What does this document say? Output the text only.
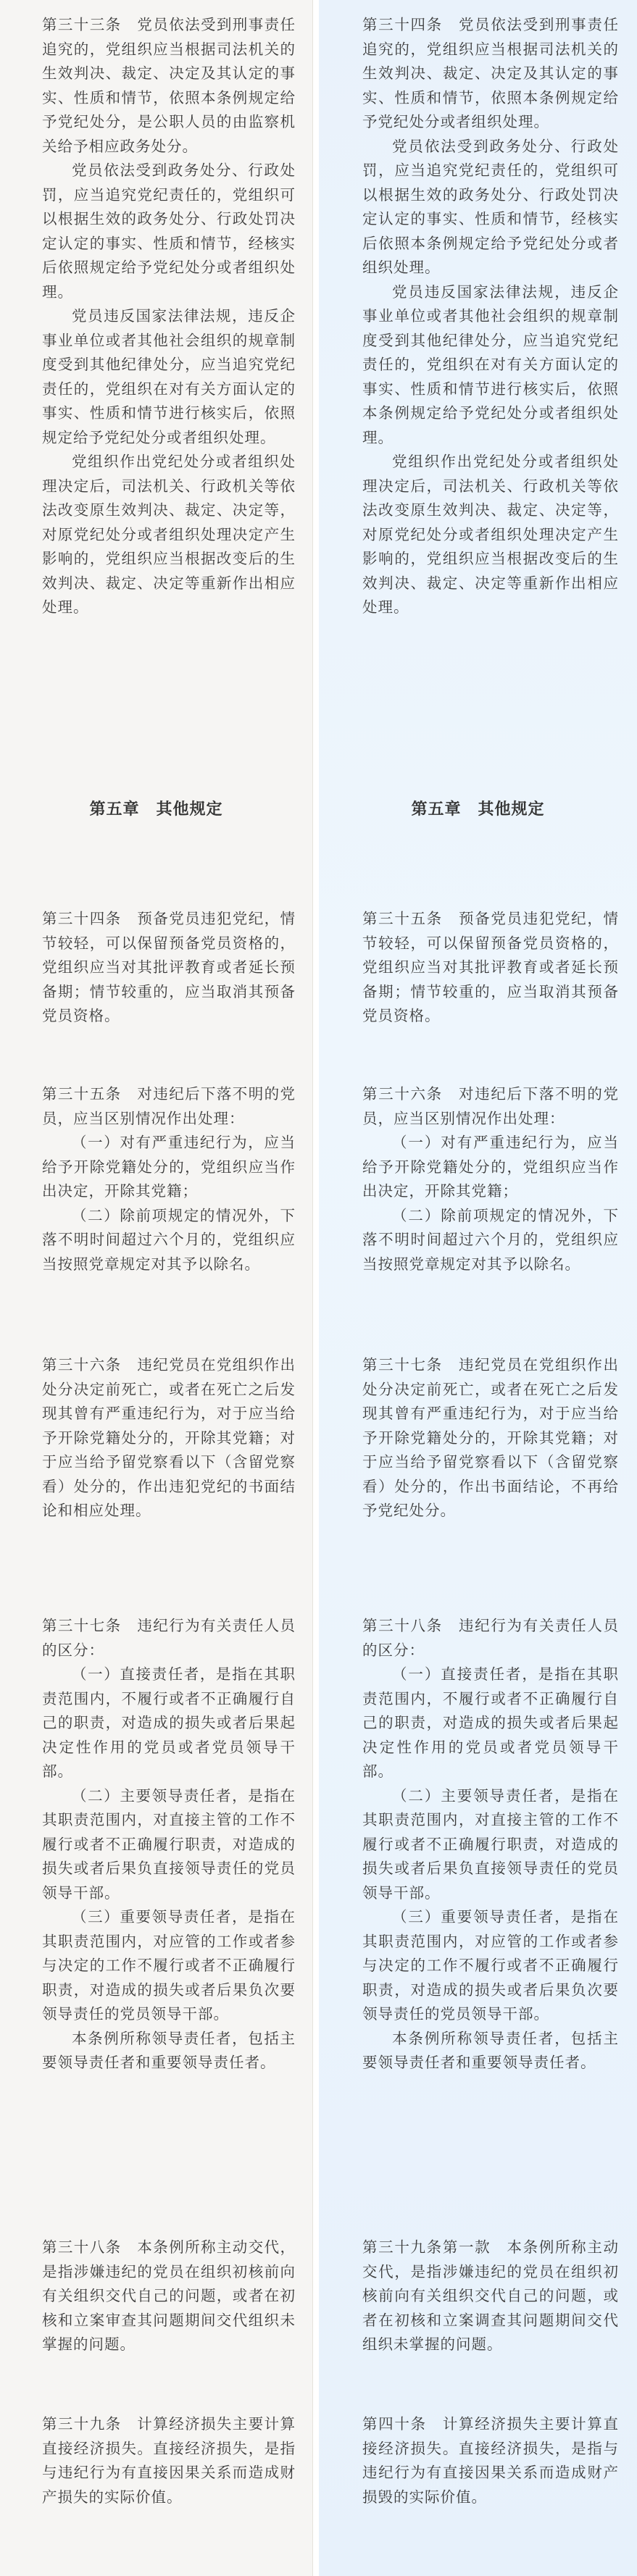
第三十三条　党员依法受到刑事责任追究的，党组织应当根据司法机关的生效判决、裁定、决定及其认定的事实、性质和情节，依照本条例规定给予党纪处分，是公职人员的由监察机关给予相应政务处分。

党员依法受到政务处分、行政处罚，应当追究党纪责任的，党组织可以根据生效的政务处分、行政处罚决定认定的事实、性质和情节，经核实后依照规定给予党纪处分或者组织处理。

党员违反国家法律法规，违反企事业单位或者其他社会组织的规章制度受到其他纪律处分，应当追究党纪责任的，党组织在对有关方面认定的事实、性质和情节进行核实后，依照规定给予党纪处分或者组织处理。

党组织作出党纪处分或者组织处理决定后，司法机关、行政机关等依法改变原生效判决、裁定、决定等，对原党纪处分或者组织处理决定产生影响的，党组织应当根据改变后的生效判决、裁定、决定等重新作出相应处理。

第五章　其他规定

第三十四条　预备党员违犯党纪，情节较轻，可以保留预备党员资格的，党组织应当对其批评教育或者延长预备期；情节较重的，应当取消其预备党员资格。

第三十五条　对违纪后下落不明的党员，应当区别情况作出处理：

（一）对有严重违纪行为，应当给予开除党籍处分的，党组织应当作出决定，开除其党籍；

（二）除前项规定的情况外，下落不明时间超过六个月的，党组织应当按照党章规定对其予以除名。

第三十六条　违纪党员在党组织作出处分决定前死亡，或者在死亡之后发现其曾有严重违纪行为，对于应当给予开除党籍处分的，开除其党籍；对于应当给予留党察看以下（含留党察看）处分的，作出违犯党纪的书面结论和相应处理。

第三十七条　违纪行为有关责任人员的区分：

（一）直接责任者，是指在其职责范围内，不履行或者不正确履行自己的职责，对造成的损失或者后果起决定性作用的党员或者党员领导干部。

（二）主要领导责任者，是指在其职责范围内，对直接主管的工作不履行或者不正确履行职责，对造成的损失或者后果负直接领导责任的党员领导干部。

（三）重要领导责任者，是指在其职责范围内，对应管的工作或者参与决定的工作不履行或者不正确履行职责，对造成的损失或者后果负次要领导责任的党员领导干部。

本条例所称领导责任者，包括主要领导责任者和重要领导责任者。

第三十八条　本条例所称主动交代，是指涉嫌违纪的党员在组织初核前向有关组织交代自己的问题，或者在初核和立案审查其问题期间交代组织未掌握的问题。

第三十九条　计算经济损失主要计算直接经济损失。直接经济损失，是指与违纪行为有直接因果关系而造成财产损失的实际价值。

第三十四条　党员依法受到刑事责任追究的，党组织应当根据司法机关的生效判决、裁定、决定及其认定的事实、性质和情节，依照本条例规定给予党纪处分或者组织处理。

党员依法受到政务处分、行政处罚，应当追究党纪责任的，党组织可以根据生效的政务处分、行政处罚决定认定的事实、性质和情节，经核实后依照本条例规定给予党纪处分或者组织处理。

党员违反国家法律法规，违反企事业单位或者其他社会组织的规章制度受到其他纪律处分，应当追究党纪责任的，党组织在对有关方面认定的事实、性质和情节进行核实后，依照本条例规定给予党纪处分或者组织处理。

党组织作出党纪处分或者组织处理决定后，司法机关、行政机关等依法改变原生效判决、裁定、决定等，对原党纪处分或者组织处理决定产生影响的，党组织应当根据改变后的生效判决、裁定、决定等重新作出相应处理。

第五章　其他规定

第三十五条　预备党员违犯党纪，情节较轻，可以保留预备党员资格的，党组织应当对其批评教育或者延长预备期；情节较重的，应当取消其预备党员资格。

第三十六条　对违纪后下落不明的党员，应当区别情况作出处理：

（一）对有严重违纪行为，应当给予开除党籍处分的，党组织应当作出决定，开除其党籍；

（二）除前项规定的情况外，下落不明时间超过六个月的，党组织应当按照党章规定对其予以除名。

第三十七条　违纪党员在党组织作出处分决定前死亡，或者在死亡之后发现其曾有严重违纪行为，对于应当给予开除党籍处分的，开除其党籍；对于应当给予留党察看以下（含留党察看）处分的，作出书面结论，不再给予党纪处分。

第三十八条　违纪行为有关责任人员的区分：

（一）直接责任者，是指在其职责范围内，不履行或者不正确履行自己的职责，对造成的损失或者后果起决定性作用的党员或者党员领导干部。

（二）主要领导责任者，是指在其职责范围内，对直接主管的工作不履行或者不正确履行职责，对造成的损失或者后果负直接领导责任的党员领导干部。

（三）重要领导责任者，是指在其职责范围内，对应管的工作或者参与决定的工作不履行或者不正确履行职责，对造成的损失或者后果负次要领导责任的党员领导干部。

本条例所称领导责任者，包括主要领导责任者和重要领导责任者。

第三十九条第一款　本条例所称主动交代，是指涉嫌违纪的党员在组织初核前向有关组织交代自己的问题，或者在初核和立案调查其问题期间交代组织未掌握的问题。

第四十条　计算经济损失主要计算直接经济损失。直接经济损失，是指与违纪行为有直接因果关系而造成财产损毁的实际价值。
